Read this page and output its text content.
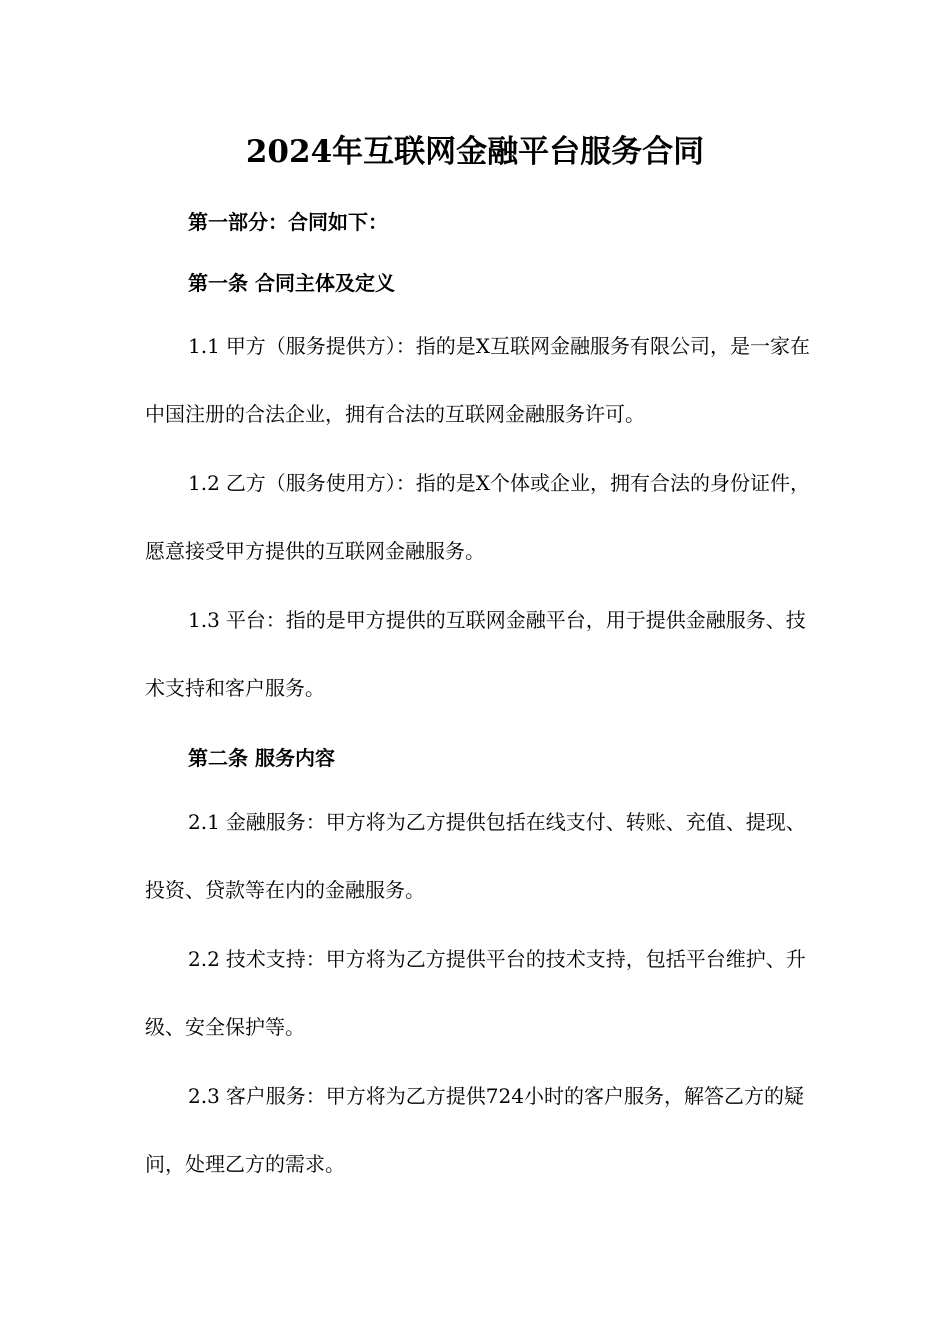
2024年互联网金融平台服务合同

第一部分：合同如下：

第一条 合同主体及定义

1.1 甲方（服务提供方）：指的是X互联网金融服务有限公司，是一家在中国注册的合法企业，拥有合法的互联网金融服务许可。

1.2 乙方（服务使用方）：指的是X个体或企业，拥有合法的身份证件，愿意接受甲方提供的互联网金融服务。

1.3 平台：指的是甲方提供的互联网金融平台，用于提供金融服务、技术支持和客户服务。

第二条 服务内容

2.1 金融服务：甲方将为乙方提供包括在线支付、转账、充值、提现、投资、贷款等在内的金融服务。

2.2 技术支持：甲方将为乙方提供平台的技术支持，包括平台维护、升级、安全保护等。

2.3 客户服务：甲方将为乙方提供724小时的客户服务，解答乙方的疑问，处理乙方的需求。
